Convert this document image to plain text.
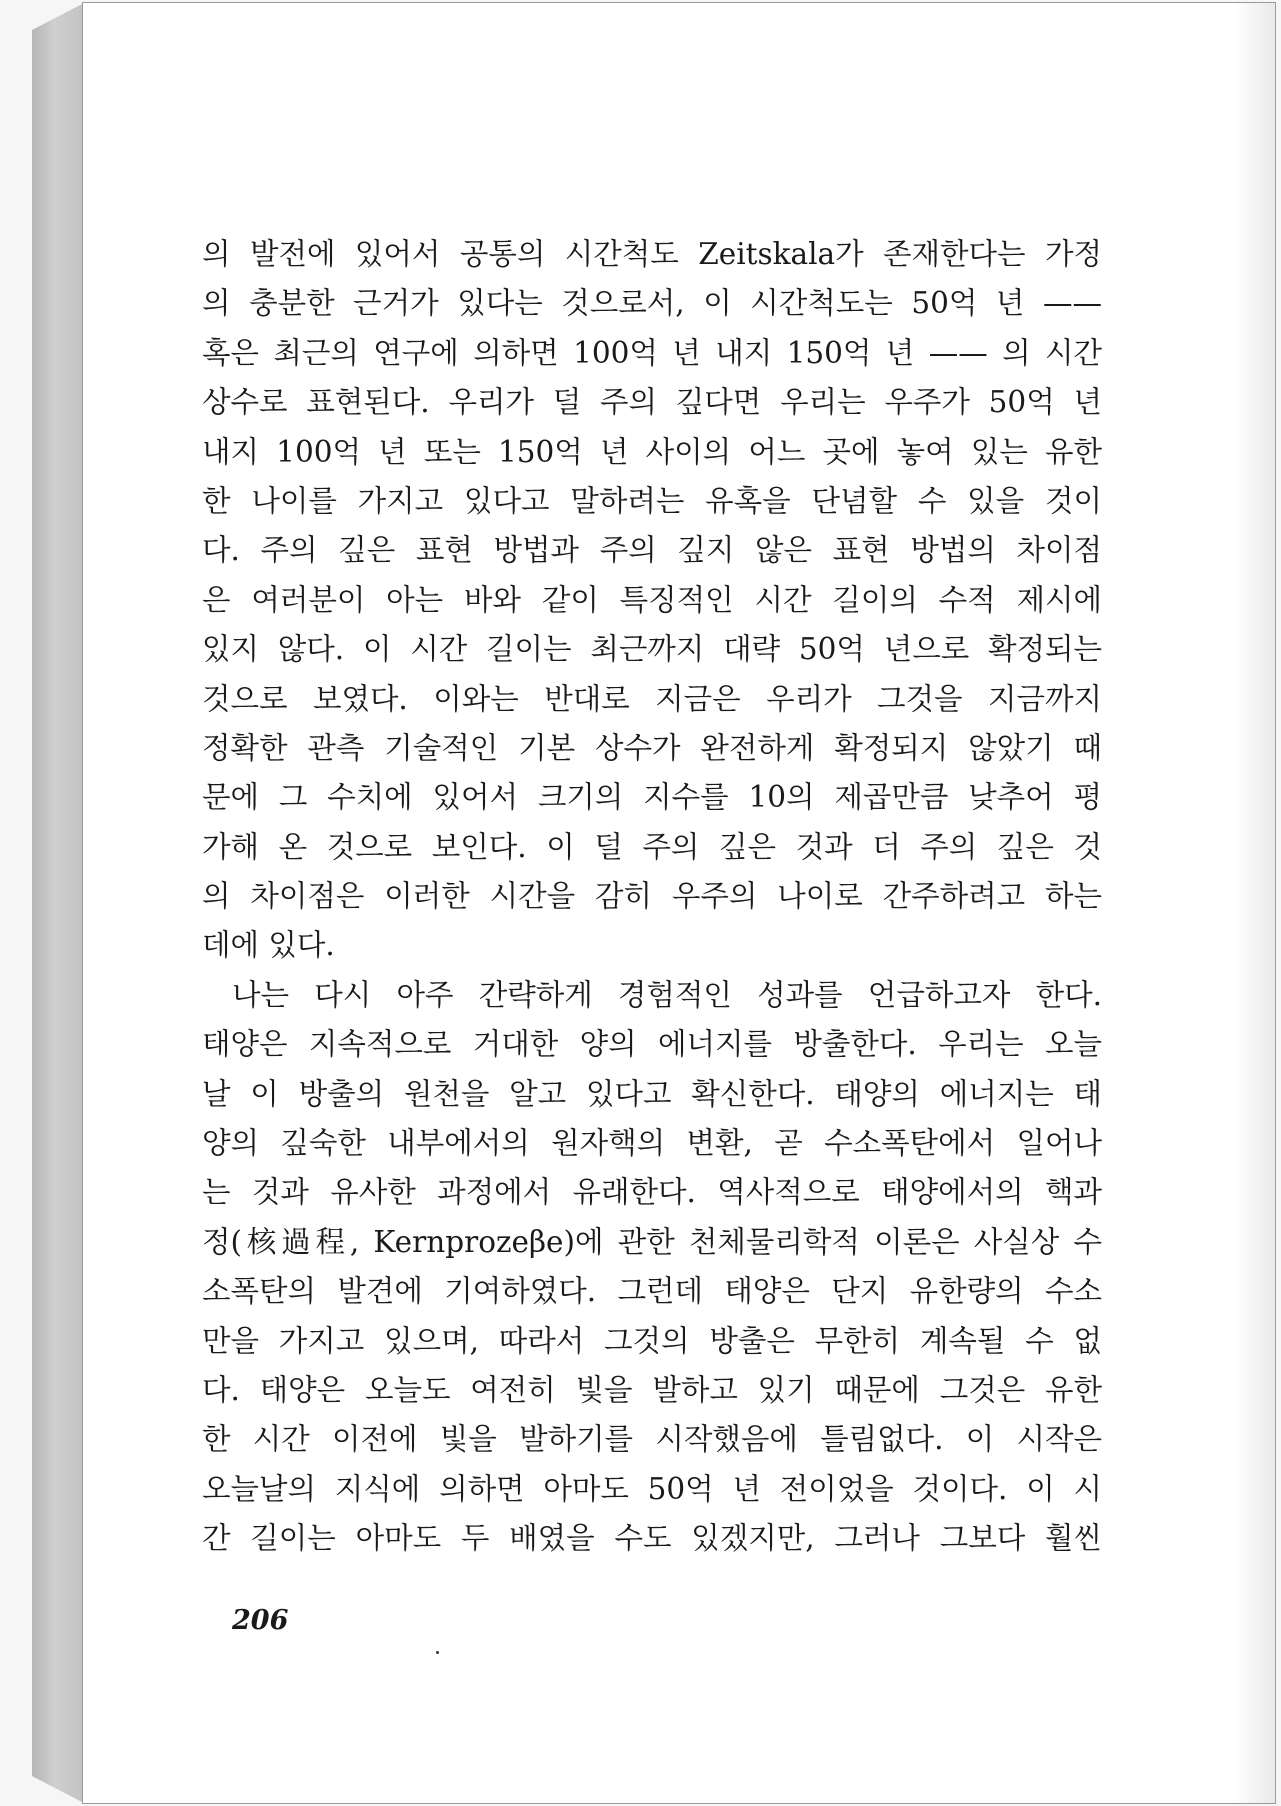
의 발전에 있어서 공통의 시간척도 Zeitskala가 존재한다는 가정
의 충분한 근거가 있다는 것으로서, 이 시간척도는 50억 년 ——
혹은 최근의 연구에 의하면 100억 년 내지 150억 년 —— 의 시간
상수로 표현된다. 우리가 덜 주의 깊다면 우리는 우주가 50억 년
내지 100억 년 또는 150억 년 사이의 어느 곳에 놓여 있는 유한
한 나이를 가지고 있다고 말하려는 유혹을 단념할 수 있을 것이
다. 주의 깊은 표현 방법과 주의 깊지 않은 표현 방법의 차이점
은 여러분이 아는 바와 같이 특징적인 시간 길이의 수적 제시에
있지 않다. 이 시간 길이는 최근까지 대략 50억 년으로 확정되는
것으로 보였다. 이와는 반대로 지금은 우리가 그것을 지금까지
정확한 관측 기술적인 기본 상수가 완전하게 확정되지 않았기 때
문에 그 수치에 있어서 크기의 지수를 10의 제곱만큼 낮추어 평
가해 온 것으로 보인다. 이 덜 주의 깊은 것과 더 주의 깊은 것
의 차이점은 이러한 시간을 감히 우주의 나이로 간주하려고 하는
데에 있다.
나는 다시 아주 간략하게 경험적인 성과를 언급하고자 한다.
태양은 지속적으로 거대한 양의 에너지를 방출한다. 우리는 오늘
날 이 방출의 원천을 알고 있다고 확신한다. 태양의 에너지는 태
양의 깊숙한 내부에서의 원자핵의 변환, 곧 수소폭탄에서 일어나
는 것과 유사한 과정에서 유래한다. 역사적으로 태양에서의 핵과
정(核過程, Kernprozeβe)에 관한 천체물리학적 이론은 사실상 수
소폭탄의 발견에 기여하였다. 그런데 태양은 단지 유한량의 수소
만을 가지고 있으며, 따라서 그것의 방출은 무한히 계속될 수 없
다. 태양은 오늘도 여전히 빛을 발하고 있기 때문에 그것은 유한
한 시간 이전에 빛을 발하기를 시작했음에 틀림없다. 이 시작은
오늘날의 지식에 의하면 아마도 50억 년 전이었을 것이다. 이 시
간 길이는 아마도 두 배였을 수도 있겠지만, 그러나 그보다 훨씬
206
